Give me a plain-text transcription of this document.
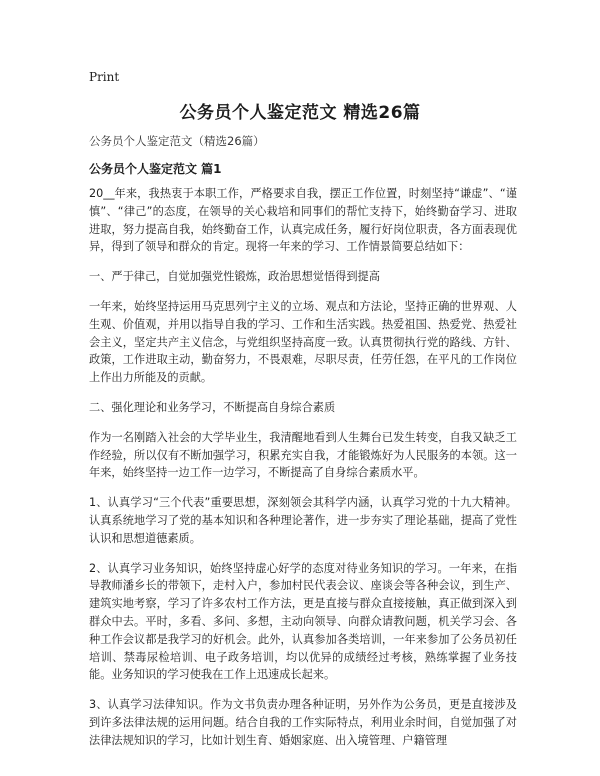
Print
公务员个人鉴定范文 精选26篇
公务员个人鉴定范文（精选26篇）
公务员个人鉴定范文 篇1

20__年来，我热衷于本职工作，严格要求自我，摆正工作位置，时刻坚持“谦虚”、“谨慎”、“律己”的态度，在领导的关心栽培和同事们的帮忙支持下，始终勤奋学习、进取进取，努力提高自我，始终勤奋工作，认真完成任务，履行好岗位职责，各方面表现优异，得到了领导和群众的肯定。现将一年来的学习、工作情景简要总结如下：

一、严于律己，自觉加强党性锻炼，政治思想觉悟得到提高

一年来，始终坚持运用马克思列宁主义的立场、观点和方法论，坚持正确的世界观、人生观、价值观，并用以指导自我的学习、工作和生活实践。热爱祖国、热爱党、热爱社会主义，坚定共产主义信念，与党组织坚持高度一致。认真贯彻执行党的路线、方针、政策，工作进取主动，勤奋努力，不畏艰难，尽职尽责，任劳任怨，在平凡的工作岗位上作出力所能及的贡献。

二、强化理论和业务学习，不断提高自身综合素质

作为一名刚踏入社会的大学毕业生，我清醒地看到人生舞台已发生转变，自我又缺乏工作经验，所以仅有不断加强学习，积累充实自我，才能锻炼好为人民服务的本领。这一年来，始终坚持一边工作一边学习，不断提高了自身综合素质水平。

1、认真学习“三个代表”重要思想，深刻领会其科学内涵，认真学习党的十九大精神。认真系统地学习了党的基本知识和各种理论著作，进一步夯实了理论基础，提高了党性认识和思想道德素质。

2、认真学习业务知识，始终坚持虚心好学的态度对待业务知识的学习。一年来，在指导教师潘乡长的带领下，走村入户，参加村民代表会议、座谈会等各种会议，到生产、建筑实地考察，学习了许多农村工作方法，更是直接与群众直接接触，真正做到深入到群众中去。平时，多看、多问、多想，主动向领导、向群众请教问题，机关学习会、各种工作会议都是我学习的好机会。此外，认真参加各类培训，一年来参加了公务员初任培训、禁毒尿检培训、电子政务培训，均以优异的成绩经过考核，熟练掌握了业务技能。业务知识的学习使我在工作上迅速成长起来。

3、认真学习法律知识。作为文书负责办理各种证明，另外作为公务员，更是直接涉及到许多法律法规的运用问题。结合自我的工作实际特点，利用业余时间，自觉加强了对法律法规知识的学习，比如计划生育、婚姻家庭、出入境管理、户籍管理
